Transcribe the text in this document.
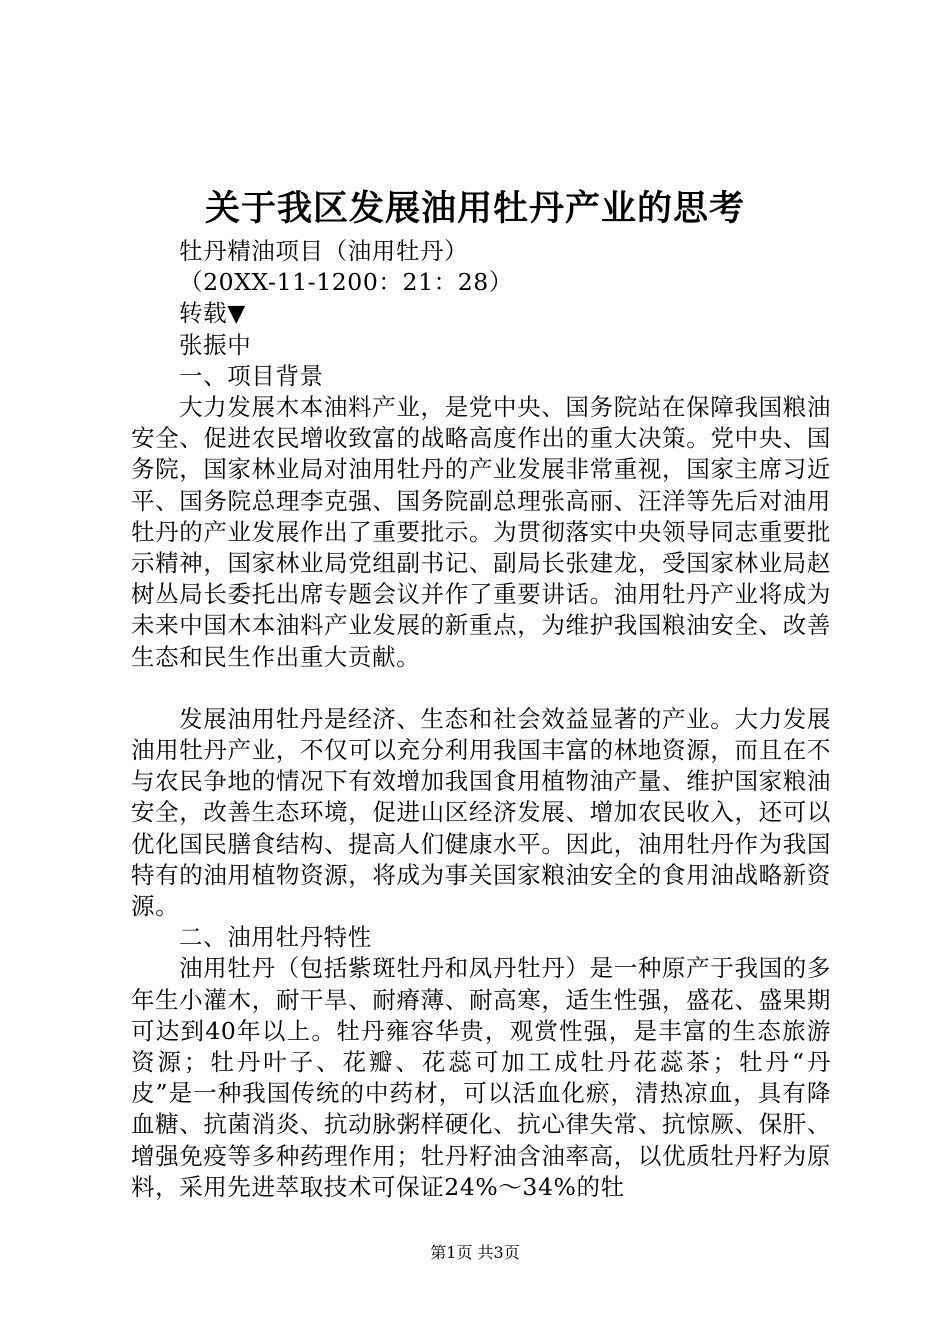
关于我区发展油用牡丹产业的思考

牡丹精油项目（油用牡丹）

（20XX-11-1200：21：28）

转载▼

张振中

一、项目背景

大力发展木本油料产业，是党中央、国务院站在保障我国粮油安全、促进农民增收致富的战略高度作出的重大决策。党中央、国务院，国家林业局对油用牡丹的产业发展非常重视，国家主席习近平、国务院总理李克强、国务院副总理张高丽、汪洋等先后对油用牡丹的产业发展作出了重要批示。为贯彻落实中央领导同志重要批示精神，国家林业局党组副书记、副局长张建龙，受国家林业局赵树丛局长委托出席专题会议并作了重要讲话。油用牡丹产业将成为未来中国木本油料产业发展的新重点，为维护我国粮油安全、改善生态和民生作出重大贡献。

发展油用牡丹是经济、生态和社会效益显著的产业。大力发展油用牡丹产业，不仅可以充分利用我国丰富的林地资源，而且在不与农民争地的情况下有效增加我国食用植物油产量、维护国家粮油安全，改善生态环境，促进山区经济发展、增加农民收入，还可以优化国民膳食结构、提高人们健康水平。因此，油用牡丹作为我国特有的油用植物资源，将成为事关国家粮油安全的食用油战略新资源。

二、油用牡丹特性

油用牡丹（包括紫斑牡丹和凤丹牡丹）是一种原产于我国的多年生小灌木，耐干旱、耐瘠薄、耐高寒，适生性强，盛花、盛果期可达到40年以上。牡丹雍容华贵，观赏性强，是丰富的生态旅游资源；牡丹叶子、花瓣、花蕊可加工成牡丹花蕊茶；牡丹“丹皮”是一种我国传统的中药材，可以活血化瘀，清热凉血，具有降血糖、抗菌消炎、抗动脉粥样硬化、抗心律失常、抗惊厥、保肝、增强免疫等多种药理作用；牡丹籽油含油率高，以优质牡丹籽为原料，采用先进萃取技术可保证24%～34%的牡

第1页 共3页
